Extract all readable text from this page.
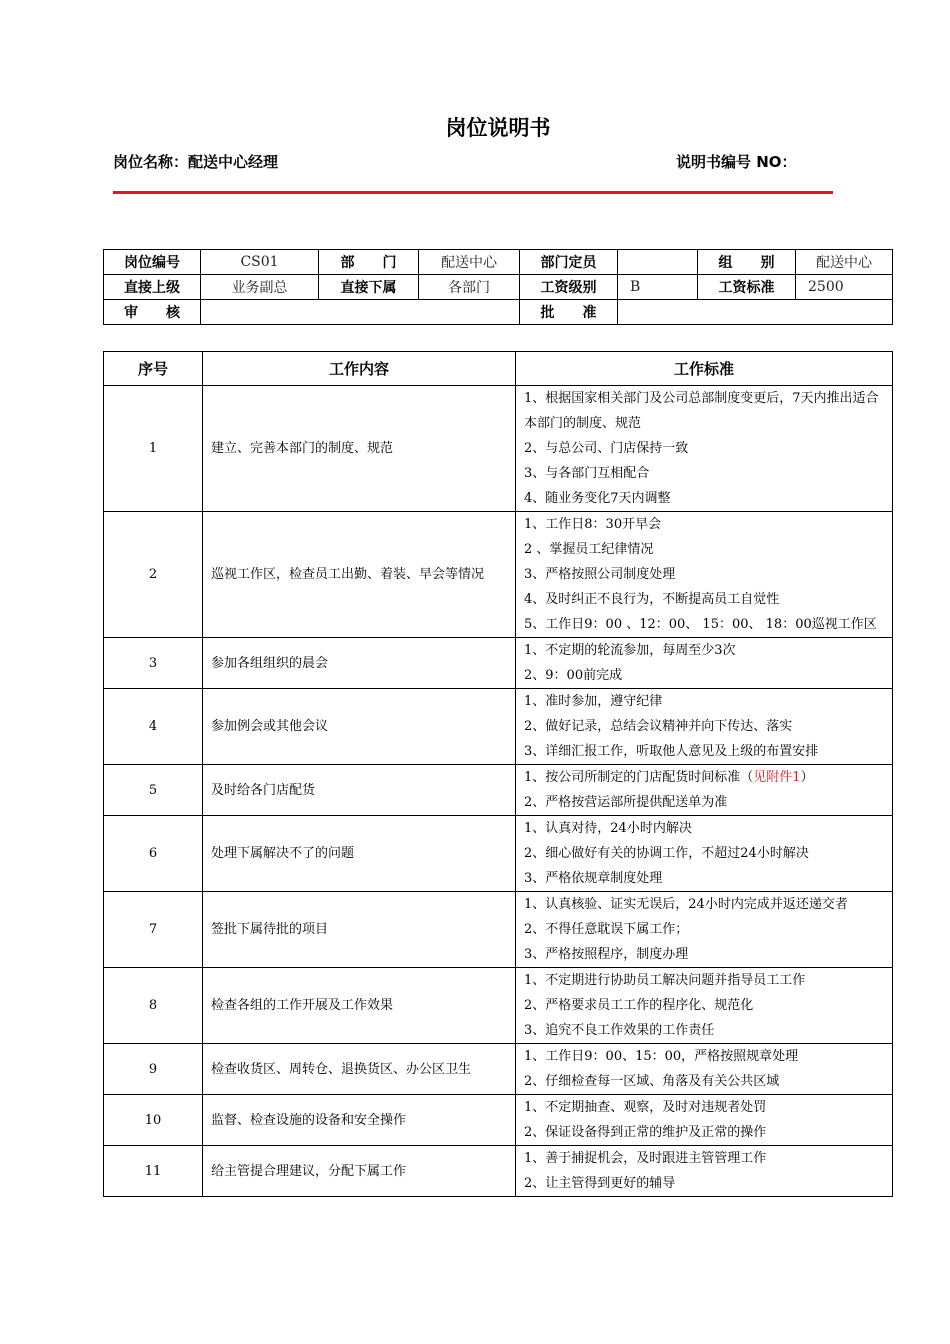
岗位说明书
岗位名称：配送中心经理	说明书编号 NO：
岗位编号	CS01	部　　门	配送中心	部门定员		组　　别	配送中心
直接上级	业务副总	直接下属	各部门	工资级别	B	工资标准	2500
审　　核				批　　准			
序号	工作内容	工作标准
1	建立、完善本部门的制度、规范	1、根据国家相关部门及公司总部制度变更后，7天内推出适合本部门的制度、规范
2、与总公司、门店保持一致
3、与各部门互相配合
4、随业务变化7天内调整

2	巡视工作区，检查员工出勤、着装、早会等情况	1、工作日8：30开早会
2 、掌握员工纪律情况
3、严格按照公司制度处理
4、及时纠正不良行为，不断提高员工自觉性
5、工作日9：00 、12：00、 15：00、 18：00巡视工作区

3	参加各组组织的晨会	1、不定期的轮流参加，每周至少3次
2、9：00前完成

4	参加例会或其他会议	1、准时参加，遵守纪律
2、做好记录，总结会议精神并向下传达、落实
3、详细汇报工作，听取他人意见及上级的布置安排

5	及时给各门店配货	1、按公司所制定的门店配货时间标准（见附件1）
2、严格按营运部所提供配送单为准

6	处理下属解决不了的问题	1、认真对待，24小时内解决
2、细心做好有关的协调工作，不超过24小时解决
3、严格依规章制度处理

7	签批下属待批的项目	1、认真核验、证实无误后，24小时内完成并返还递交者
2、不得任意耽误下属工作；
3、严格按照程序，制度办理

8	检查各组的工作开展及工作效果	1、不定期进行协助员工解决问题并指导员工工作
2、严格要求员工工作的程序化、规范化
3、追究不良工作效果的工作责任

9	检查收货区、周转仓、退换货区、办公区卫生	1、工作日9：00、15：00，严格按照规章处理
2、仔细检查每一区域、角落及有关公共区域

10	监督、检查设施的设备和安全操作	1、不定期抽查、观察，及时对违规者处罚
2、保证设备得到正常的维护及正常的操作

11	给主管提合理建议，分配下属工作	1、善于捕捉机会，及时跟进主管管理工作
2、让主管得到更好的辅导
